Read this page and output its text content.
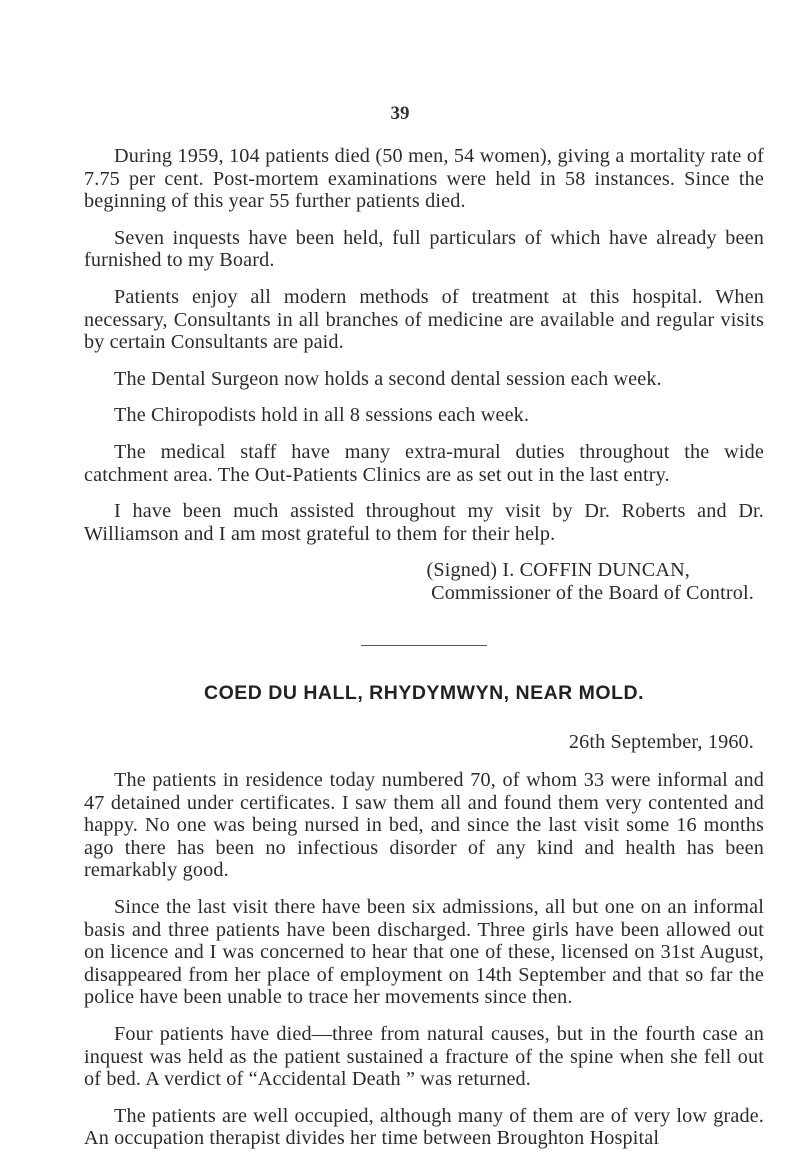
39

During 1959, 104 patients died (50 men, 54 women), giving a mortality rate of 7.75 per cent. Post-mortem examinations were held in 58 instances. Since the beginning of this year 55 further patients died.

Seven inquests have been held, full particulars of which have already been furnished to my Board.

Patients enjoy all modern methods of treatment at this hospital. When necessary, Consultants in all branches of medicine are available and regular visits by certain Consultants are paid.

The Dental Surgeon now holds a second dental session each week.

The Chiropodists hold in all 8 sessions each week.

The medical staff have many extra-mural duties throughout the wide catchment area. The Out-Patients Clinics are as set out in the last entry.

I have been much assisted throughout my visit by Dr. Roberts and Dr. Williamson and I am most grateful to them for their help.

(Signed) I. COFFIN DUNCAN,

Commissioner of the Board of Control.

COED DU HALL, RHYDYMWYN, NEAR MOLD.

26th September, 1960.

The patients in residence today numbered 70, of whom 33 were informal and 47 detained under certificates. I saw them all and found them very contented and happy. No one was being nursed in bed, and since the last visit some 16 months ago there has been no infectious disorder of any kind and health has been remarkably good.

Since the last visit there have been six admissions, all but one on an informal basis and three patients have been discharged. Three girls have been allowed out on licence and I was concerned to hear that one of these, licensed on 31st August, disappeared from her place of employment on 14th September and that so far the police have been unable to trace her movements since then.

Four patients have died—three from natural causes, but in the fourth case an inquest was held as the patient sustained a fracture of the spine when she fell out of bed. A verdict of “Accidental Death ” was returned.

The patients are well occupied, although many of them are of very low grade. An occupation therapist divides her time between Broughton Hospital
